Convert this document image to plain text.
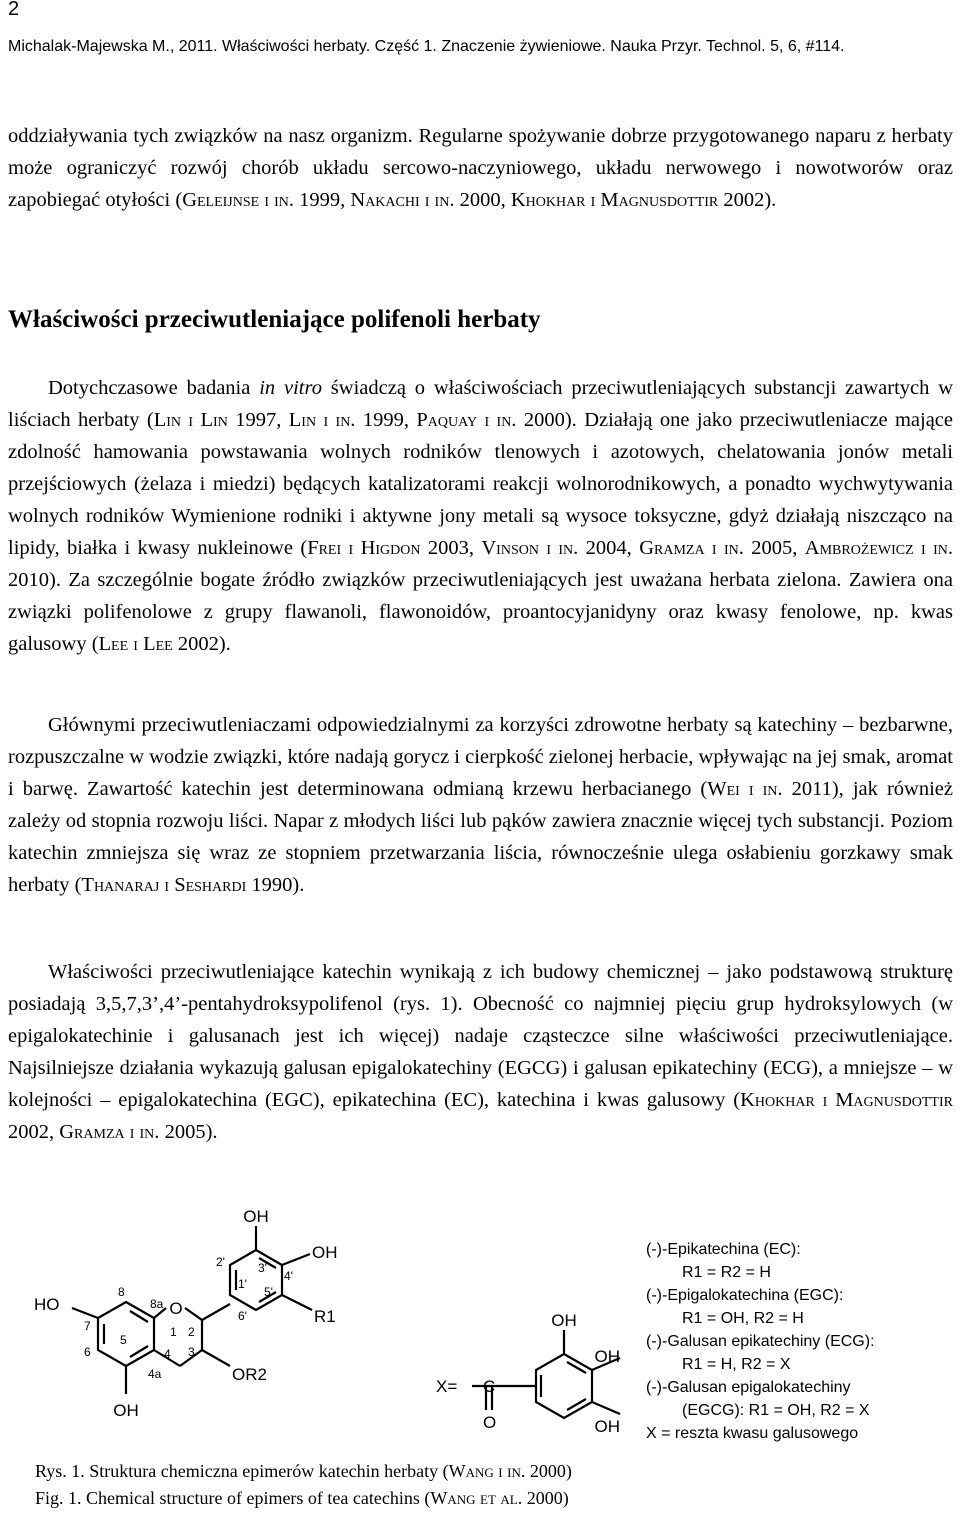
2
Michalak-Majewska M., 2011. Właściwości herbaty. Część 1. Znaczenie żywieniowe. Nauka Przyr. Technol. 5, 6, #114.

oddziaływania tych związków na nasz organizm. Regularne spożywanie dobrze przygotowanego naparu z herbaty może ograniczyć rozwój chorób układu sercowo-naczyniowego, układu nerwowego i nowotworów oraz zapobiegać otyłości (Geleijnse i in. 1999, Nakachi i in. 2000, Khokhar i Magnusdottir 2002).

Właściwości przeciwutleniające polifenoli herbaty

Dotychczasowe badania in vitro świadczą o właściwościach przeciwutleniających substancji zawartych w liściach herbaty (Lin i Lin 1997, Lin i in. 1999, Paquay i in. 2000). Działają one jako przeciwutleniacze mające zdolność hamowania powstawania wolnych rodników tlenowych i azotowych, chelatowania jonów metali przejściowych (żelaza i miedzi) będących katalizatorami reakcji wolnorodnikowych, a ponadto wychwytywania wolnych rodników Wymienione rodniki i aktywne jony metali są wysoce toksyczne, gdyż działają niszcząco na lipidy, białka i kwasy nukleinowe (Frei i Higdon 2003, Vinson i in. 2004, Gramza i in. 2005, Ambrożewicz i in. 2010). Za szczególnie bogate źródło związków przeciwutleniających jest uważana herbata zielona. Zawiera ona związki polifenolowe z grupy flawanoli, flawonoidów, proantocyjanidyny oraz kwasy fenolowe, np. kwas galusowy (Lee i Lee 2002).

Głównymi przeciwutleniaczami odpowiedzialnymi za korzyści zdrowotne herbaty są katechiny – bezbarwne, rozpuszczalne w wodzie związki, które nadają gorycz i cierpkość zielonej herbacie, wpływając na jej smak, aromat i barwę. Zawartość katechin jest determinowana odmianą krzewu herbacianego (Wei i in. 2011), jak również zależy od stopnia rozwoju liści. Napar z młodych liści lub pąków zawiera znacznie więcej tych substancji. Poziom katechin zmniejsza się wraz ze stopniem przetwarzania liścia, równocześnie ulega osłabieniu gorzkawy smak herbaty (Thanaraj i Seshardi 1990).

Właściwości przeciwutleniające katechin wynikają z ich budowy chemicznej – jako podstawową strukturę posiadają 3,5,7,3’,4’-pentahydroksypolifenol (rys. 1). Obecność co najmniej pięciu grup hydroksylowych (w epigalokatechinie i galusanach jest ich więcej) nadaje cząsteczce silne właściwości przeciwutleniające. Najsilniejsze działania wykazują galusan epigalokatechiny (EGCG) i galusan epikatechiny (ECG), a mniejsze – w kolejności – epigalokatechina (EGC), epikatechina (EC), katechina i kwas galusowy (Khokhar i Magnusdottir 2002, Gramza i in. 2005).

OH
OH
HO
OH
R1
OR2
O
8
8a
7
6
5
4a
4 3
2
1
2'	3'
4'
1'
5'
6'
X= C
O
OH
OH
OH
(-)-Epikatechina (EC):
R1 = R2 = H
(-)-Epigalokatechina (EGC):
R1 = OH, R2 = H
(-)-Galusan epikatechiny (ECG):
R1 = H, R2 = X
(-)-Galusan epigalokatechiny
(EGCG): R1 = OH, R2 = X
X = reszta kwasu galusowego
Rys. 1. Struktura chemiczna epimerów katechin herbaty (Wang i in. 2000)
Fig. 1. Chemical structure of epimers of tea catechins (Wang et al. 2000)
